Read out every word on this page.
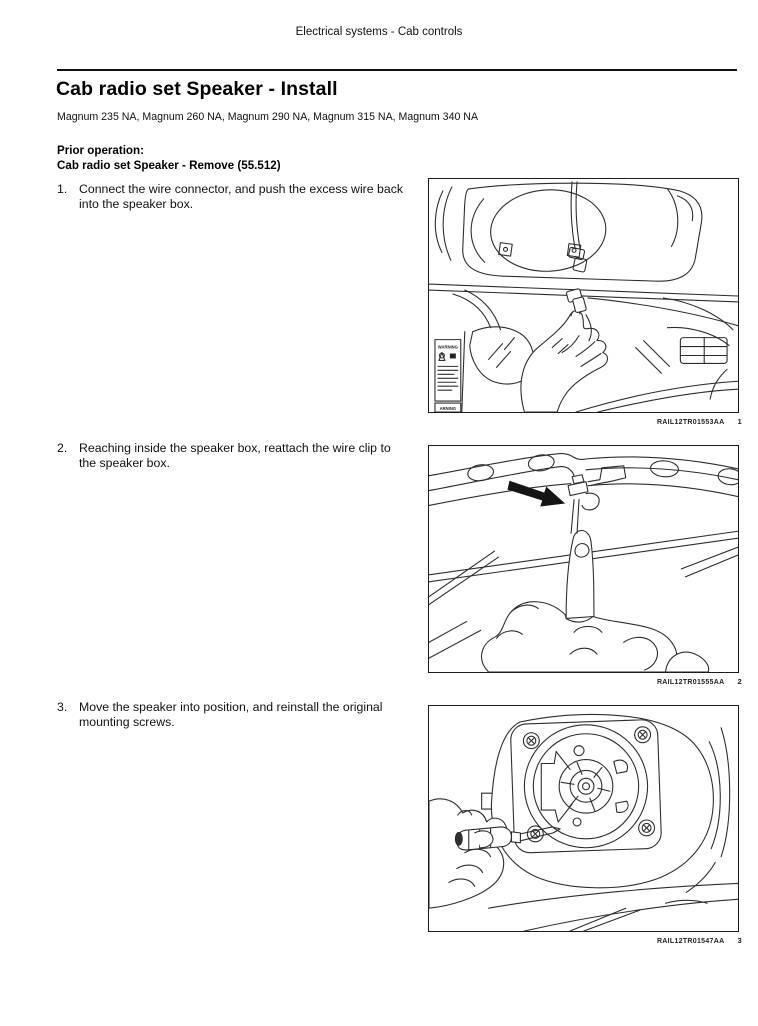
Electrical systems - Cab controls
Cab radio set Speaker - Install
Magnum 235 NA, Magnum 260 NA, Magnum 290 NA, Magnum 315 NA, Magnum 340 NA
Prior operation:
Cab radio set Speaker - Remove (55.512)
1. Connect the wire connector, and push the excess wire back into the speaker box.
WARNING
ARNING
RAIL12TR01553AA 1
2. Reaching inside the speaker box, reattach the wire clip to the speaker box.
RAIL12TR01555AA 2
3. Move the speaker into position, and reinstall the original mounting screws.
RAIL12TR01547AA 3
